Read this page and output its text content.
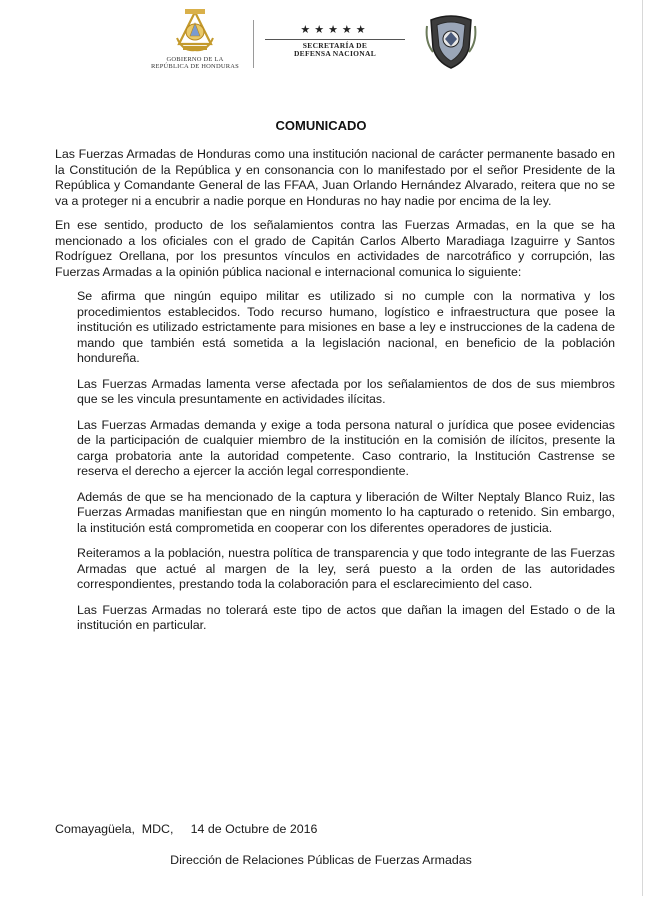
GOBIERNO DE LA
REPÚBLICA DE HONDURAS
★★★★★
SECRETARÍA DE
DEFENSA NACIONAL
COMUNICADO

Las Fuerzas Armadas de Honduras como una institución nacional de carácter permanente basado en la Constitución de la República y en consonancia con lo manifestado por el señor Presidente de la República y Comandante General de las FFAA, Juan Orlando Hernández Alvarado, reitera que no se va a proteger ni a encubrir a nadie porque en Honduras no hay nadie por encima de la ley.

En ese sentido, producto de los señalamientos contra las Fuerzas Armadas, en la que se ha mencionado a los oficiales con el grado de Capitán Carlos Alberto Maradiaga Izaguirre y Santos Rodríguez Orellana, por los presuntos vínculos en actividades de narcotráfico y corrupción, las Fuerzas Armadas a la opinión pública nacional e internacional comunica lo siguiente:

Se afirma que ningún equipo militar es utilizado si no cumple con la normativa y los procedimientos establecidos. Todo recurso humano, logístico e infraestructura que posee la institución es utilizado estrictamente para misiones en base a ley e instrucciones de la cadena de mando que también está sometida a la legislación nacional, en beneficio de la población hondureña.

Las Fuerzas Armadas lamenta verse afectada por los señalamientos de dos de sus miembros que se les vincula presuntamente en actividades ilícitas.

Las Fuerzas Armadas demanda y exige a toda persona natural o jurídica que posee evidencias de la participación de cualquier miembro de la institución en la comisión de ilícitos, presente la carga probatoria ante la autoridad competente. Caso contrario, la Institución Castrense se reserva el derecho a ejercer la acción legal correspondiente.

Además de que se ha mencionado de la captura y liberación de Wilter Neptaly Blanco Ruiz, las Fuerzas Armadas manifiestan que en ningún momento lo ha capturado o retenido. Sin embargo, la institución está comprometida en cooperar con los diferentes operadores de justicia.

Reiteramos a la población, nuestra política de transparencia y que todo integrante de las Fuerzas Armadas que actué al margen de la ley, será puesto a la orden de las autoridades correspondientes, prestando toda la colaboración para el esclarecimiento del caso.

Las Fuerzas Armadas no tolerará este tipo de actos que dañan la imagen del Estado o de la institución en particular.

Comayagüela,  MDC,     14 de Octubre de 2016
Dirección de Relaciones Públicas de Fuerzas Armadas
